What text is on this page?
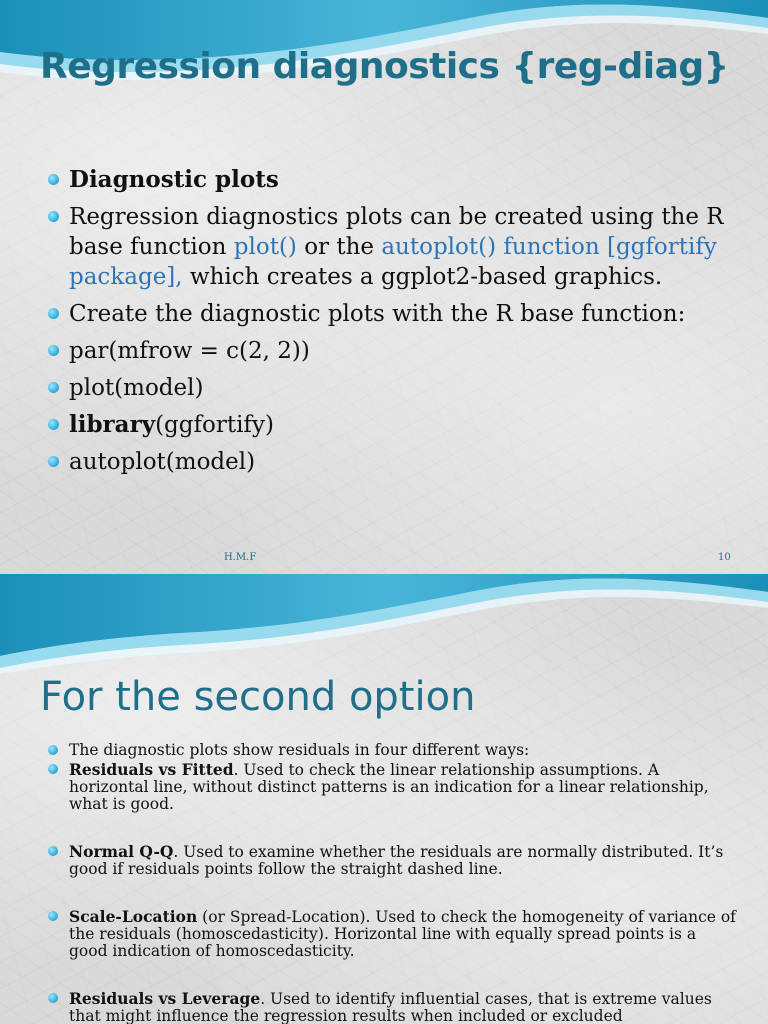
Regression diagnostics {reg-diag}
Diagnostic plots
Regression diagnostics plots can be created using the R base function plot() or the autoplot() function [ggfortify package], which creates a ggplot2-based graphics.
Create the diagnostic plots with the R base function:
par(mfrow = c(2, 2))
plot(model)
library(ggfortify)
autoplot(model)
H.M.F	10
For the second option
The diagnostic plots show residuals in four different ways:
Residuals vs Fitted. Used to check the linear relationship assumptions. A horizontal line, without distinct patterns is an indication for a linear relationship, what is good.
Normal Q-Q. Used to examine whether the residuals are normally distributed. It’s good if residuals points follow the straight dashed line.
Scale-Location (or Spread-Location). Used to check the homogeneity of variance of the residuals (homoscedasticity). Horizontal line with equally spread points is a good indication of homoscedasticity.
Residuals vs Leverage. Used to identify influential cases, that is extreme values that might influence the regression results when included or excluded
